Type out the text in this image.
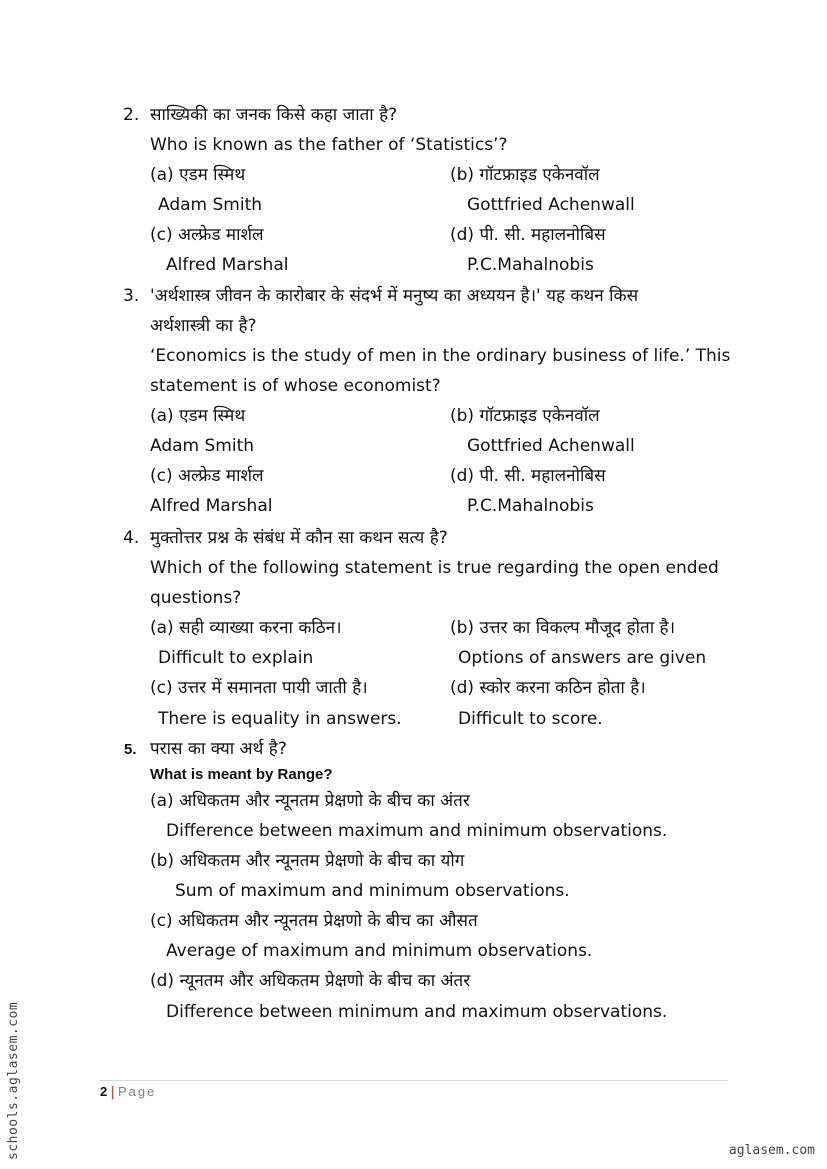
2. साख्यिकी का जनक किसे कहा जाता है?
Who is known as the father of ‘Statistics’?
(a) एडम स्मिथ	(b) गॉटफ्राइड एकेनवॉल
Adam Smith	Gottfried Achenwall
(c) अल्फ्रेड मार्शल	(d) पी. सी. महालनोबिस
Alfred Marshal	P.C.Mahalnobis
3. 'अर्थशास्त्र जीवन के कारोबार के संदर्भ में मनुष्य का अध्ययन है।' यह कथन किस
अर्थशास्त्री का है?
‘Economics is the study of men in the ordinary business of life.’ This
statement is of whose economist?
(a) एडम स्मिथ	(b) गॉटफ्राइड एकेनवॉल
Adam Smith	Gottfried Achenwall
(c) अल्फ्रेड मार्शल	(d) पी. सी. महालनोबिस
Alfred Marshal	P.C.Mahalnobis
4. मुक्तोत्तर प्रश्न के संबंध में कौन सा कथन सत्य है?
Which of the following statement is true regarding the open ended
questions?
(a) सही व्याख्या करना कठिन।	(b) उत्तर का विकल्प मौजूद होता है।
Difficult to explain	Options of answers are given
(c) उत्तर में समानता पायी जाती है।	(d) स्कोर करना कठिन होता है।
There is equality in answers.	Difficult to score.
5. परास का क्या अर्थ है?
What is meant by Range?
(a) अधिकतम और न्यूनतम प्रेक्षणो के बीच का अंतर
Difference between maximum and minimum observations.
(b) अधिकतम और न्यूनतम प्रेक्षणो के बीच का योग
Sum of maximum and minimum observations.
(c) अधिकतम और न्यूनतम प्रेक्षणो के बीच का औसत
Average of maximum and minimum observations.
(d) न्यूनतम और अधिकतम प्रेक्षणो के बीच का अंतर
Difference between minimum and maximum observations.
2 | Page
schools.aglasem.com	aglasem.com
